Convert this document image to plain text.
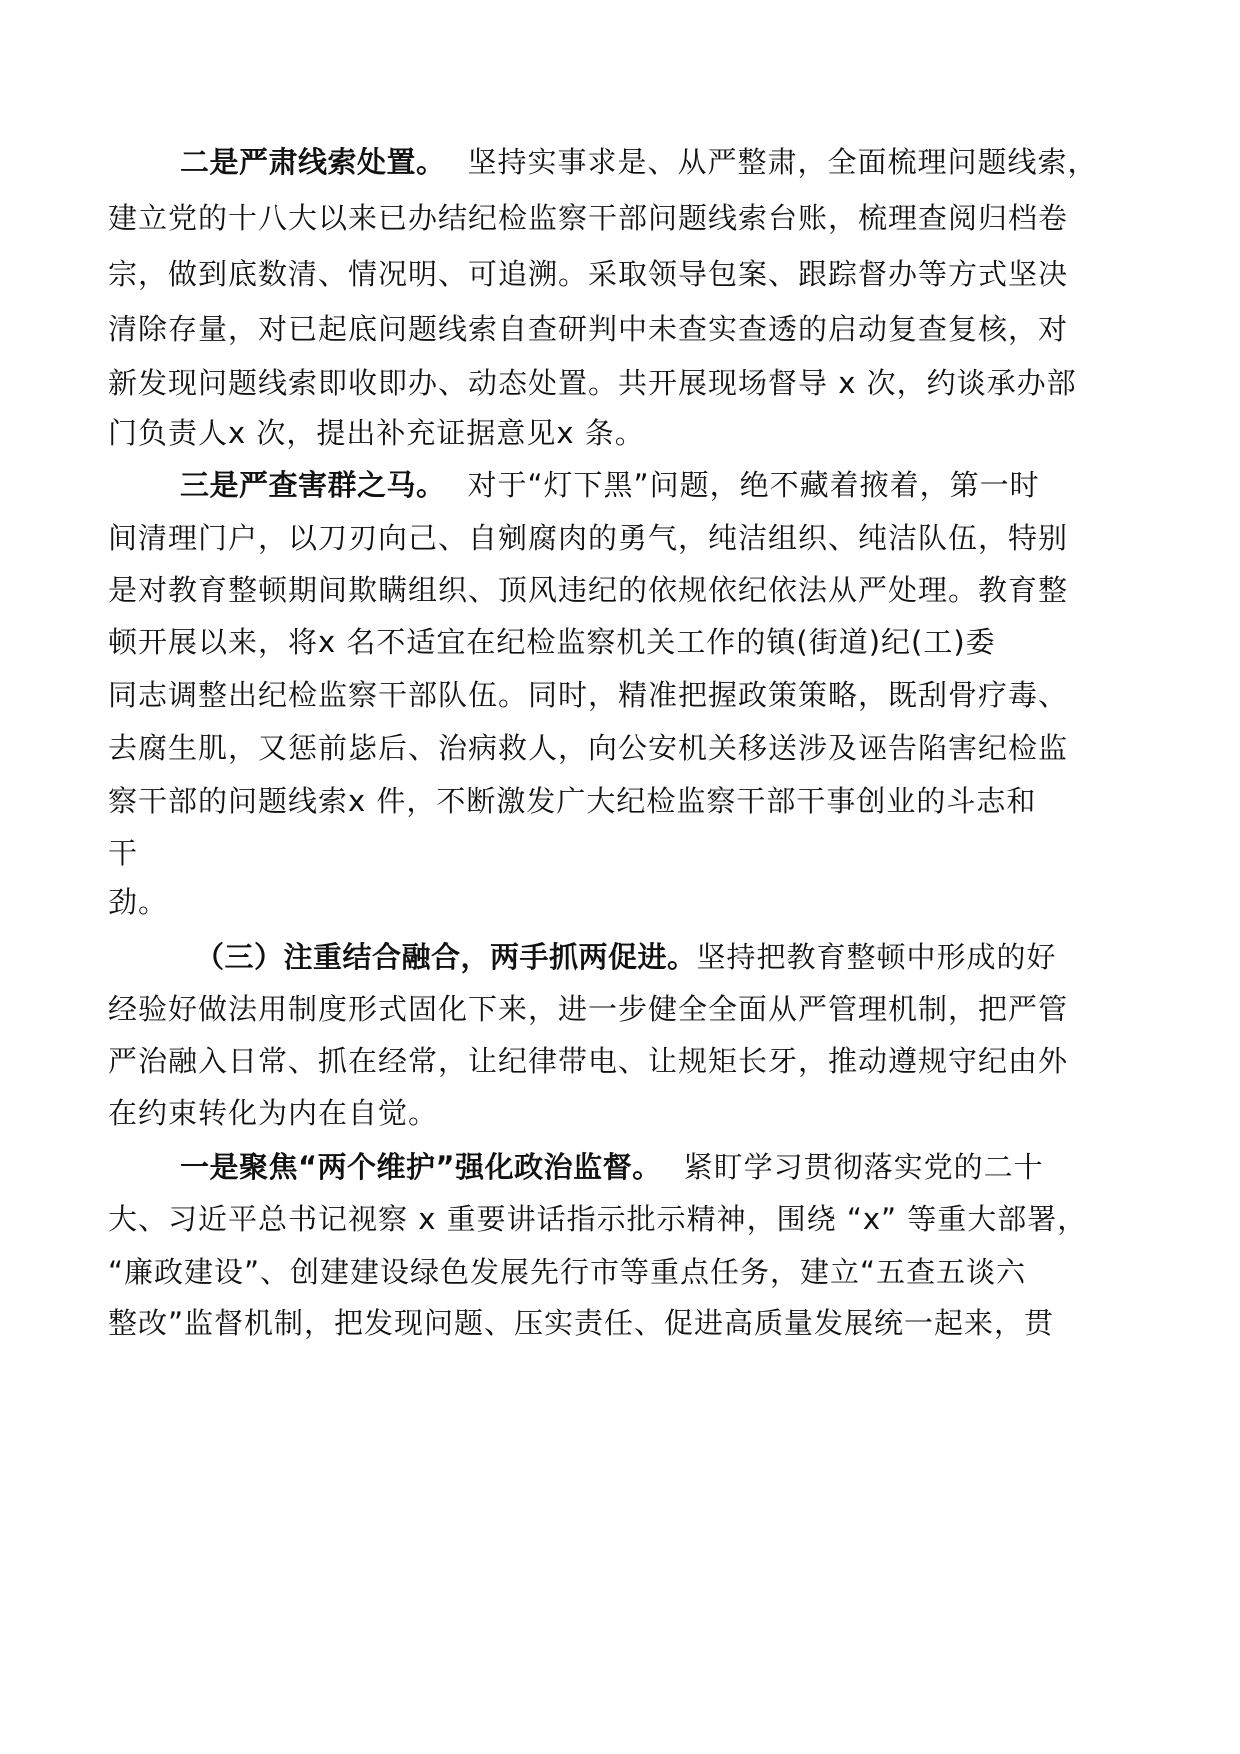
二是严肃线索处置。 坚持实事求是、从严整肃，全面梳理问题线索，
建立党的十八大以来已办结纪检监察干部问题线索台账，梳理查阅归档卷
宗，做到底数清、情况明、可追溯。采取领导包案、跟踪督办等方式坚决
清除存量，对已起底问题线索自查研判中未查实查透的启动复查复核，对
新发现问题线索即收即办、动态处置。共开展现场督导 x 次，约谈承办部
门负责人x 次，提出补充证据意见x 条。
三是严查害群之马。 对于“灯下黑”问题，绝不藏着掖着，第一时
间清理门户，以刀刃向己、自剜腐肉的勇气，纯洁组织、纯洁队伍，特别
是对教育整顿期间欺瞒组织、顶风违纪的依规依纪依法从严处理。教育整
顿开展以来，将x 名不适宜在纪检监察机关工作的镇(街道)纪(工)委
同志调整出纪检监察干部队伍。同时，精准把握政策策略，既刮骨疗毒、
去腐生肌，又惩前毖后、治病救人，向公安机关移送涉及诬告陷害纪检监
察干部的问题线索x 件，不断激发广大纪检监察干部干事创业的斗志和
干
劲。
（三）注重结合融合，两手抓两促进。坚持把教育整顿中形成的好
经验好做法用制度形式固化下来，进一步健全全面从严管理机制，把严管
严治融入日常、抓在经常，让纪律带电、让规矩长牙，推动遵规守纪由外
在约束转化为内在自觉。
一是聚焦“两个维护”强化政治监督。 紧盯学习贯彻落实党的二十
大、习近平总书记视察 x 重要讲话指示批示精神，围绕 “x” 等重大部署，
“廉政建设”、创建建设绿色发展先行市等重点任务，建立“五查五谈六
整改”监督机制，把发现问题、压实责任、促进高质量发展统一起来，贯
